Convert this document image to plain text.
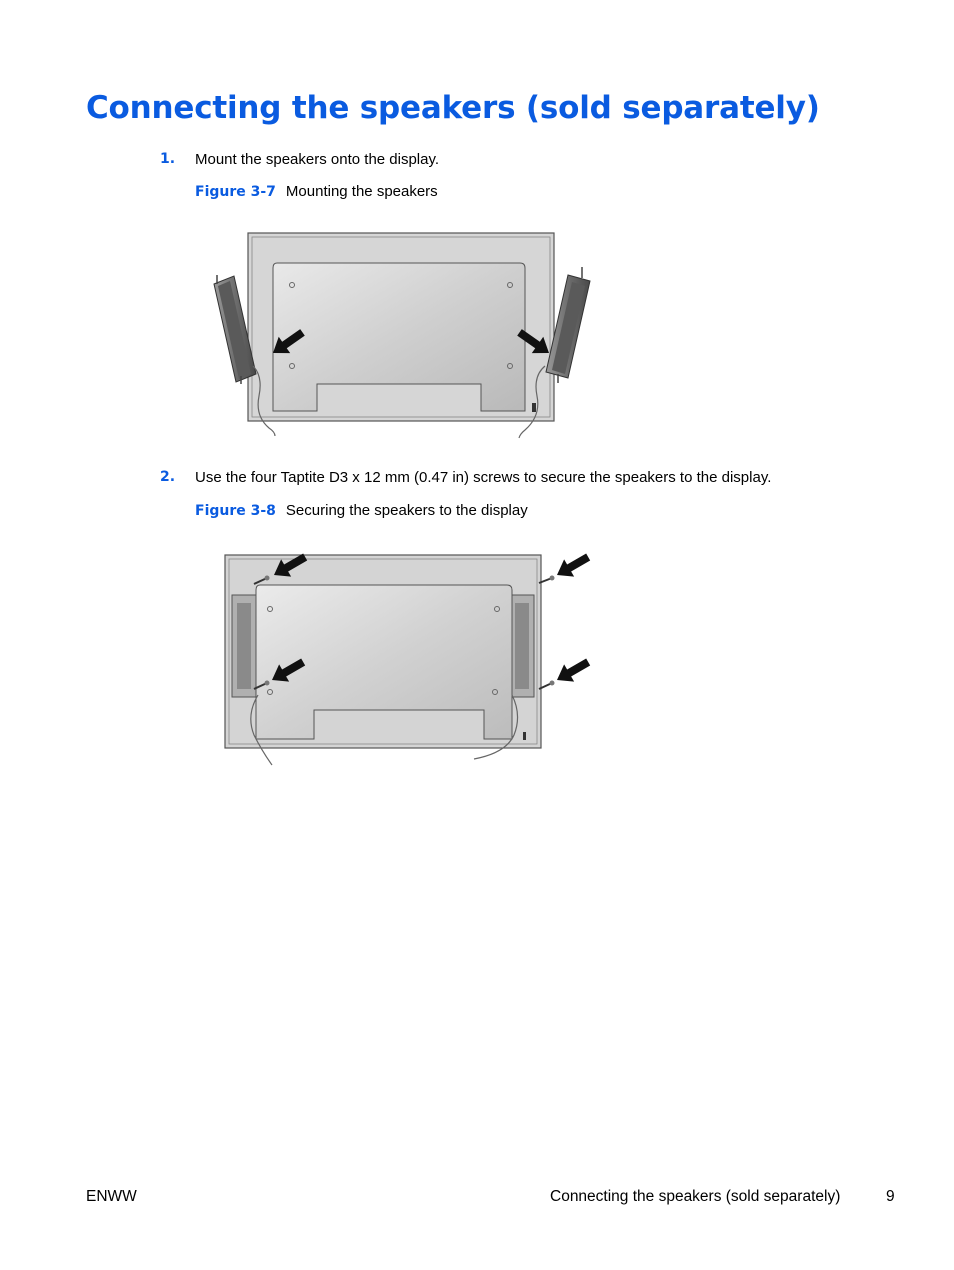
Connecting the speakers (sold separately)
1. Mount the speakers onto the display.
Figure 3-7 Mounting the speakers
2. Use the four Taptite D3 x 12 mm (0.47 in) screws to secure the speakers to the display.
Figure 3-8 Securing the speakers to the display
ENWW	Connecting the speakers (sold separately)	9
